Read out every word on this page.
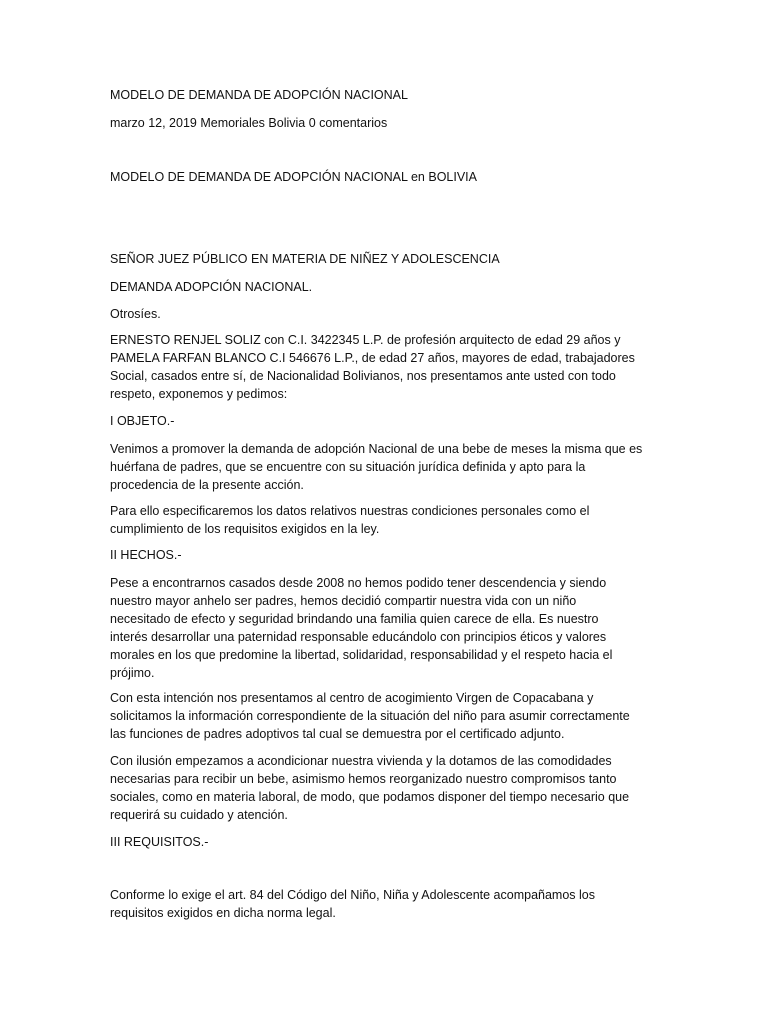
MODELO DE DEMANDA DE ADOPCIÓN NACIONAL

marzo 12, 2019 Memoriales Bolivia 0 comentarios

MODELO DE DEMANDA DE ADOPCIÓN NACIONAL en BOLIVIA

SEÑOR JUEZ PÚBLICO EN MATERIA DE NIÑEZ Y ADOLESCENCIA

DEMANDA ADOPCIÓN NACIONAL.

Otrosíes.

ERNESTO RENJEL SOLIZ con C.I. 3422345 L.P. de profesión arquitecto de edad 29 años y
PAMELA FARFAN BLANCO C.I 546676 L.P., de edad 27 años, mayores de edad, trabajadores
Social, casados entre sí, de Nacionalidad Bolivianos, nos presentamos ante usted con todo
respeto, exponemos y pedimos:

I OBJETO.-

Venimos a promover la demanda de adopción Nacional de una bebe de meses la misma que es
huérfana de padres, que se encuentre con su situación jurídica definida y apto para la
procedencia de la presente acción.
Para ello especificaremos los datos relativos nuestras condiciones personales como el
cumplimiento de los requisitos exigidos en la ley.

II HECHOS.-

Pese a encontrarnos casados desde 2008 no hemos podido tener descendencia y siendo
nuestro mayor anhelo ser padres, hemos decidió compartir nuestra vida con un niño
necesitado de efecto y seguridad brindando una familia quien carece de ella. Es nuestro
interés desarrollar una paternidad responsable educándolo con principios éticos y valores
morales en los que predomine la libertad, solidaridad, responsabilidad y el respeto hacia el
prójimo.
Con esta intención nos presentamos al centro de acogimiento Virgen de Copacabana y
solicitamos la información correspondiente de la situación del niño para asumir correctamente
las funciones de padres adoptivos tal cual se demuestra por el certificado adjunto.
Con ilusión empezamos a acondicionar nuestra vivienda y la dotamos de las comodidades
necesarias para recibir un bebe, asimismo hemos reorganizado nuestro compromisos tanto
sociales, como en materia laboral, de modo, que podamos disponer del tiempo necesario que
requerirá su cuidado y atención.

III REQUISITOS.-

Conforme lo exige el art. 84 del Código del Niño, Niña y Adolescente acompañamos los
requisitos exigidos en dicha norma legal.
